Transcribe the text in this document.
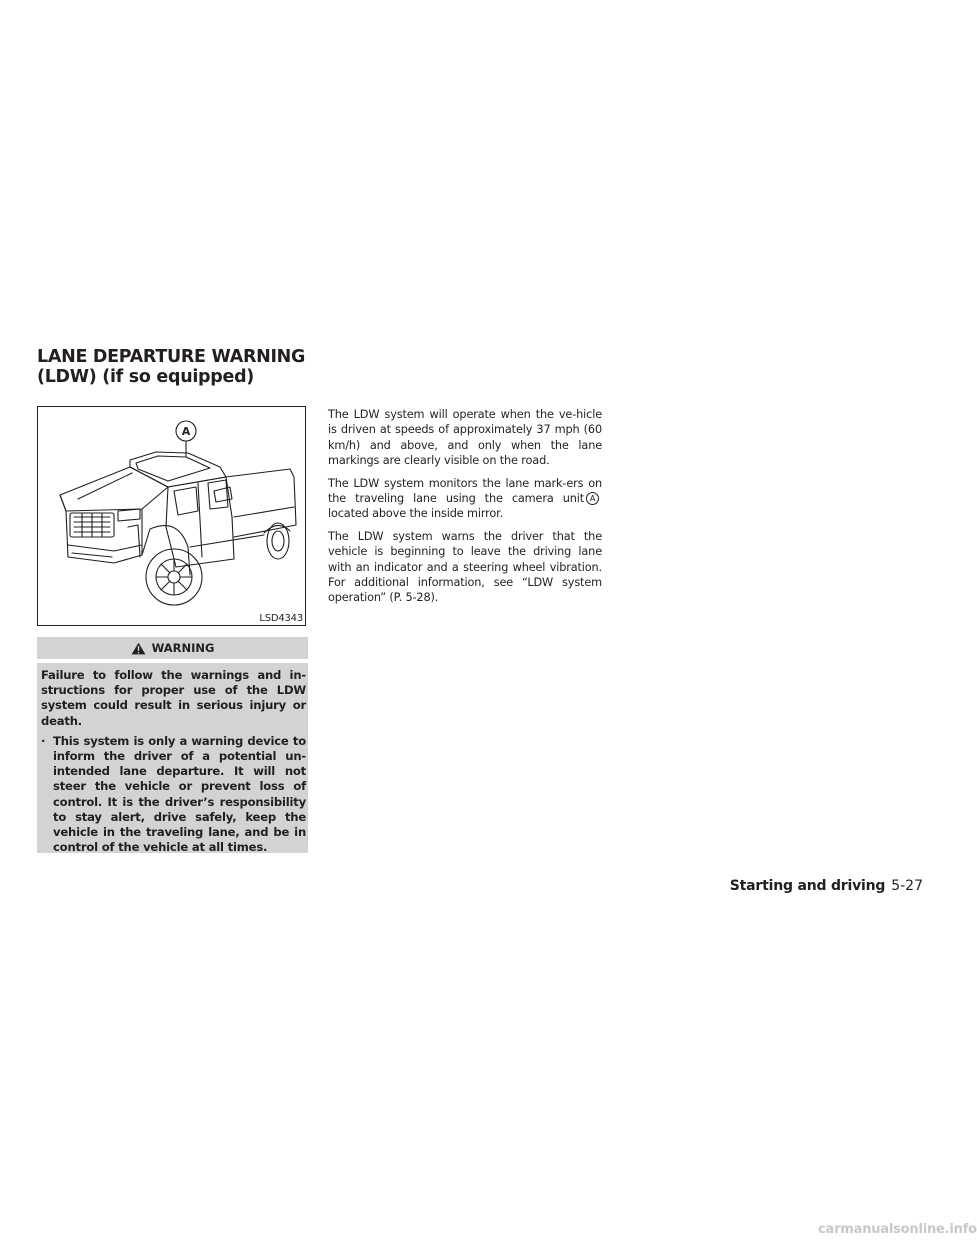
LANE DEPARTURE WARNING (LDW) (if so equipped)
A
LSD4343
WARNING

Failure to follow the warnings and in-structions for proper use of the LDW system could result in serious injury or death.

· This system is only a warning device to inform the driver of a potential un-intended lane departure. It will not steer the vehicle or prevent loss of control. It is the driver’s responsibility to stay alert, drive safely, keep the vehicle in the traveling lane, and be in control of the vehicle at all times.

The LDW system will operate when the ve-hicle is driven at speeds of approximately 37 mph (60 km/h) and above, and only when the lane markings are clearly visible on the road.

The LDW system monitors the lane mark-ers on the traveling lane using the camera unit Alocated above the inside mirror.

The LDW system warns the driver that the vehicle is beginning to leave the driving lane with an indicator and a steering wheel vibration. For additional information, see “LDW system operation” (P. 5-28).

Starting and driving 5-27
carmanualsonline.info
